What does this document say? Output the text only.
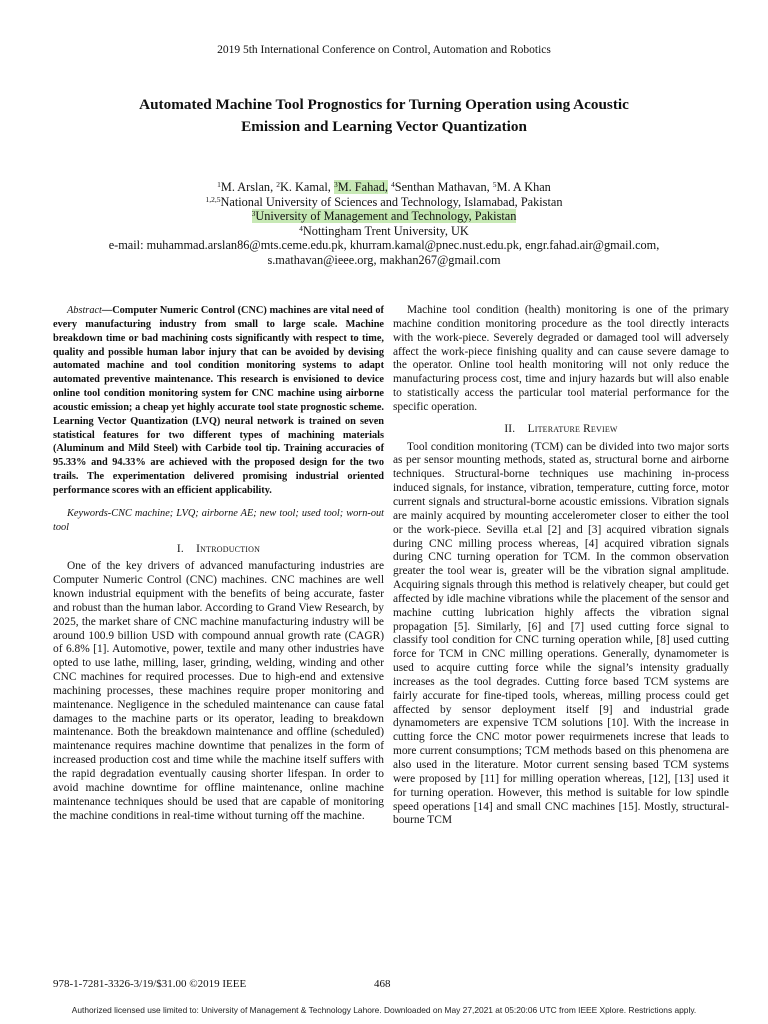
2019 5th International Conference on Control, Automation and Robotics
Automated Machine Tool Prognostics for Turning Operation using Acoustic
Emission and Learning Vector Quantization
$^1$M. Arslan, $^2$K. Kamal, $^3$M. Fahad, $^4$Senthan Mathavan, $^5$M. A Khan
$^{1,2,5}$National University of Sciences and Technology, Islamabad, Pakistan
$^3$University of Management and Technology, Pakistan
$^4$Nottingham Trent University, UK
e-mail: muhammad.arslan86@mts.ceme.edu.pk, khurram.kamal@pnec.nust.edu.pk, engr.fahad.air@gmail.com,
s.mathavan@ieee.org, makhan267@gmail.com

Abstract—Computer Numeric Control (CNC) machines are vital need of every manufacturing industry from small to large scale. Machine breakdown time or bad machining costs significantly with respect to time, quality and possible human labor injury that can be avoided by devising automated machine and tool condition monitoring systems to adapt automated preventive maintenance. This research is envisioned to device online tool condition monitoring system for CNC machine using airborne acoustic emission; a cheap yet highly accurate tool state prognostic scheme. Learning Vector Quantization (LVQ) neural network is trained on seven statistical features for two different types of machining materials (Aluminum and Mild Steel) with Carbide tool tip. Training accuracies of 95.33% and 94.33% are achieved with the proposed design for the two trails. The experimentation delivered promising industrial oriented performance scores with an efficient applicability.

Keywords-CNC machine; LVQ; airborne AE; new tool; used tool; worn-out tool

I. Introduction

One of the key drivers of advanced manufacturing industries are Computer Numeric Control (CNC) machines. CNC machines are well known industrial equipment with the benefits of being accurate, faster and robust than the human labor. According to Grand View Research, by 2025, the market share of CNC machine manufacturing industry will be around 100.9 billion USD with compound annual growth rate (CAGR) of 6.8% [1]. Automotive, power, textile and many other industries have opted to use lathe, milling, laser, grinding, welding, winding and other CNC machines for required processes. Due to high-end and extensive machining processes, these machines require proper monitoring and maintenance. Negligence in the scheduled maintenance can cause fatal damages to the machine parts or its operator, leading to breakdown maintenance. Both the breakdown maintenance and offline (scheduled) maintenance requires machine downtime that penalizes in the form of increased production cost and time while the machine itself suffers with the rapid degradation eventually causing shorter lifespan. In order to avoid machine downtime for offline maintenance, online machine maintenance techniques should be used that are capable of monitoring the machine conditions in real-time without turning off the machine.

Machine tool condition (health) monitoring is one of the primary machine condition monitoring procedure as the tool directly interacts with the work-piece. Severely degraded or damaged tool will adversely affect the work-piece finishing quality and can cause severe damage to the operator. Online tool health monitoring will not only reduce the manufacturing process cost, time and injury hazards but will also enable to statistically access the particular tool material performance for the specific operation.

II. Literature Review

Tool condition monitoring (TCM) can be divided into two major sorts as per sensor mounting methods, stated as, structural borne and airborne techniques. Structural-borne techniques use machining in-process induced signals, for instance, vibration, temperature, cutting force, motor current signals and structural-borne acoustic emissions. Vibration signals are mainly acquired by mounting accelerometer closer to either the tool or the work-piece. Sevilla et.al [2] and [3] acquired vibration signals during CNC milling process whereas, [4] acquired vibration signals during CNC turning operation for TCM. In the common observation greater the tool wear is, greater will be the vibration signal amplitude. Acquiring signals through this method is relatively cheaper, but could get affected by idle machine vibrations while the placement of the sensor and machine cutting lubrication highly affects the vibration signal propagation [5]. Similarly, [6] and [7] used cutting force signal to classify tool condition for CNC turning operation while, [8] used cutting force for TCM in CNC milling operations. Generally, dynamometer is used to acquire cutting force while the signal’s intensity gradually increases as the tool degrades. Cutting force based TCM systems are fairly accurate for fine-tiped tools, whereas, milling process could get affected by sensor deployment itself [9] and industrial grade dynamometers are expensive TCM solutions [10]. With the increase in cutting force the CNC motor power requirmenets increse that leads to more current consumptions; TCM methods based on this phenomena are also used in the literature. Motor current sensing based TCM systems were proposed by [11] for milling operation whereas, [12], [13] used it for turning operation. However, this method is suitable for low spindle speed operations [14] and small CNC machines [15]. Mostly, structural-bourne TCM

978-1-7281-3326-3/19/$31.00 ©2019 IEEE	468
Authorized licensed use limited to: University of Management & Technology Lahore. Downloaded on May 27,2021 at 05:20:06 UTC from IEEE Xplore. Restrictions apply.
